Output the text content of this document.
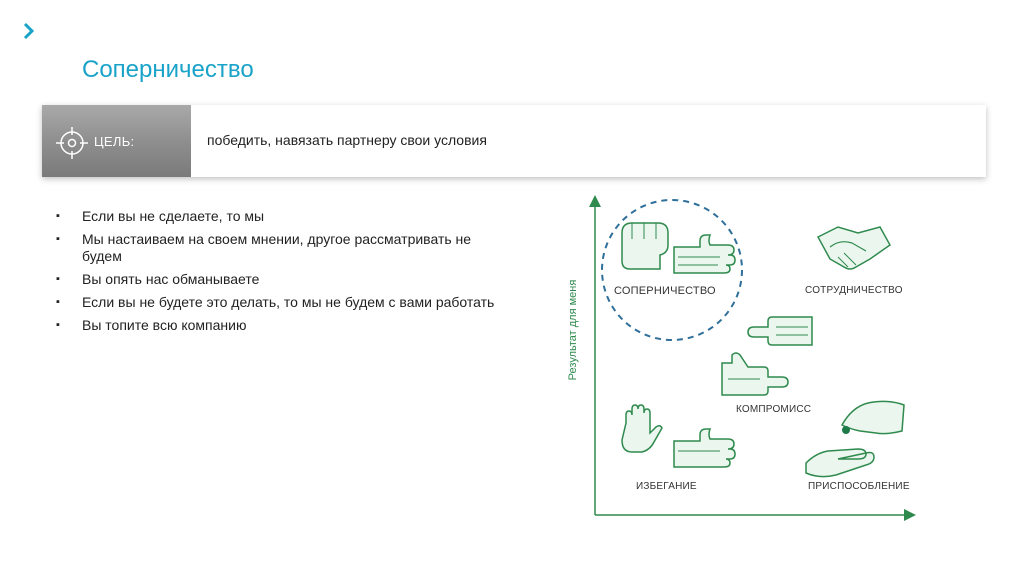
Соперничество
ЦЕЛЬ:	победить, навязать партнеру свои условия
▪ Если вы не сделаете, то мы
▪ Мы настаиваем на своем мнении, другое рассматривать не будем
▪ Вы опять нас обманываете
▪ Если вы не будете это делать, то мы не будем с вами работать
▪ Вы топите всю компанию	Результат для меня	СОПЕРНИЧЕСТВО	СОТРУДНИЧЕСТВО
КОМПРОМИСС
ИЗБЕГАНИЕ	ПРИСПОСОБЛЕНИЕ
